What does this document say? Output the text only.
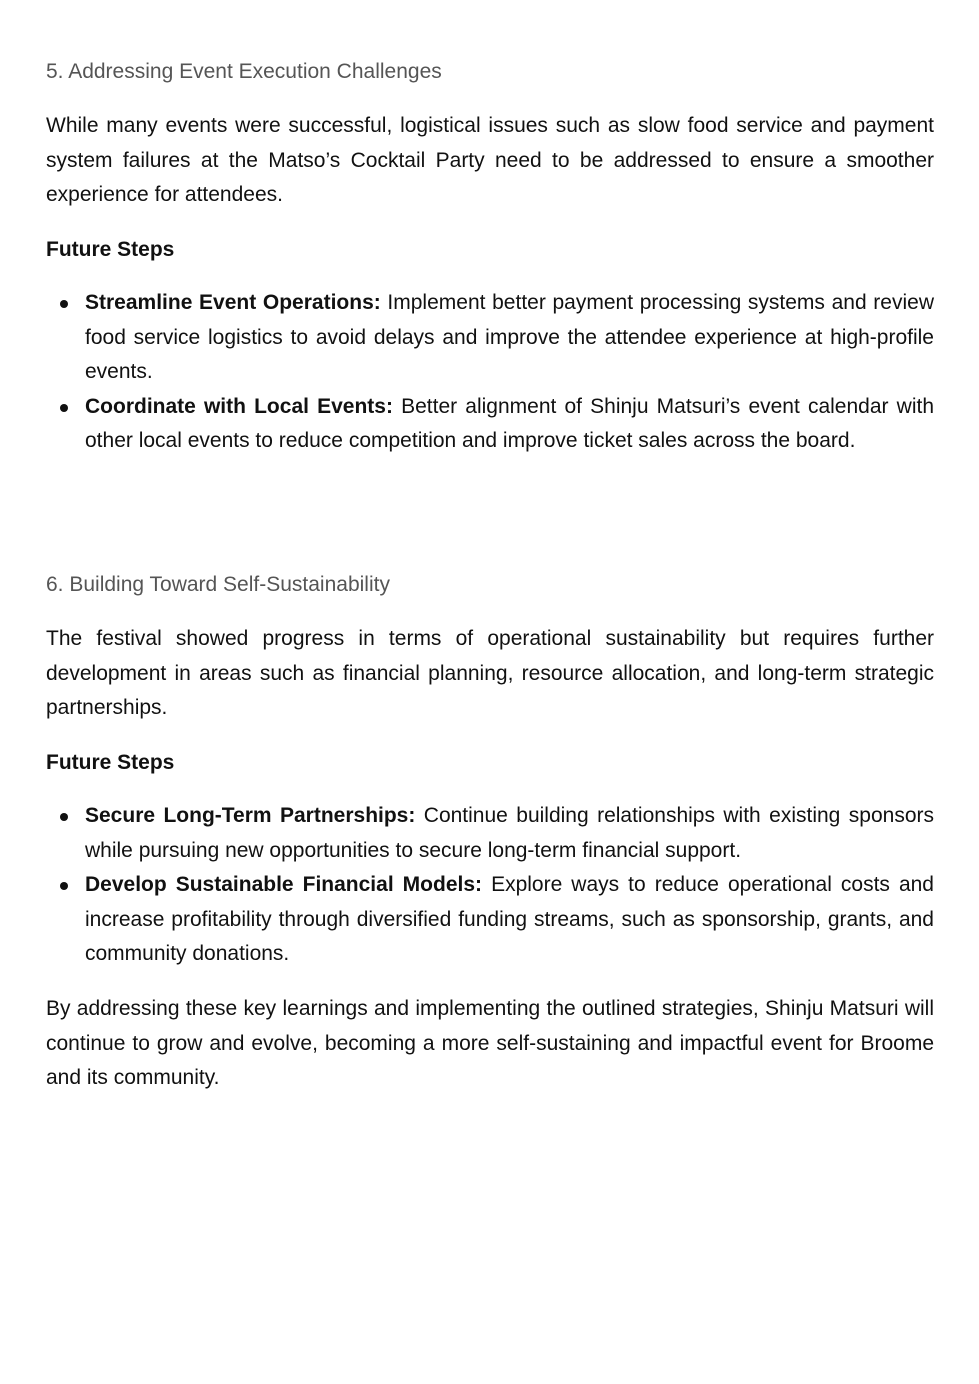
5. Addressing Event Execution Challenges

While many events were successful, logistical issues such as slow food service and payment system failures at the Matso’s Cocktail Party need to be addressed to ensure a smoother experience for attendees.

Future Steps
Streamline Event Operations: Implement better payment processing systems and review food service logistics to avoid delays and improve the attendee experience at high-profile events.
Coordinate with Local Events: Better alignment of Shinju Matsuri’s event calendar with other local events to reduce competition and improve ticket sales across the board.
6. Building Toward Self-Sustainability

The festival showed progress in terms of operational sustainability but requires further development in areas such as financial planning, resource allocation, and long-term strategic partnerships.

Future Steps
Secure Long-Term Partnerships: Continue building relationships with existing sponsors while pursuing new opportunities to secure long-term financial support.
Develop Sustainable Financial Models: Explore ways to reduce operational costs and increase profitability through diversified funding streams, such as sponsorship, grants, and community donations.

By addressing these key learnings and implementing the outlined strategies, Shinju Matsuri will continue to grow and evolve, becoming a more self-sustaining and impactful event for Broome and its community.
